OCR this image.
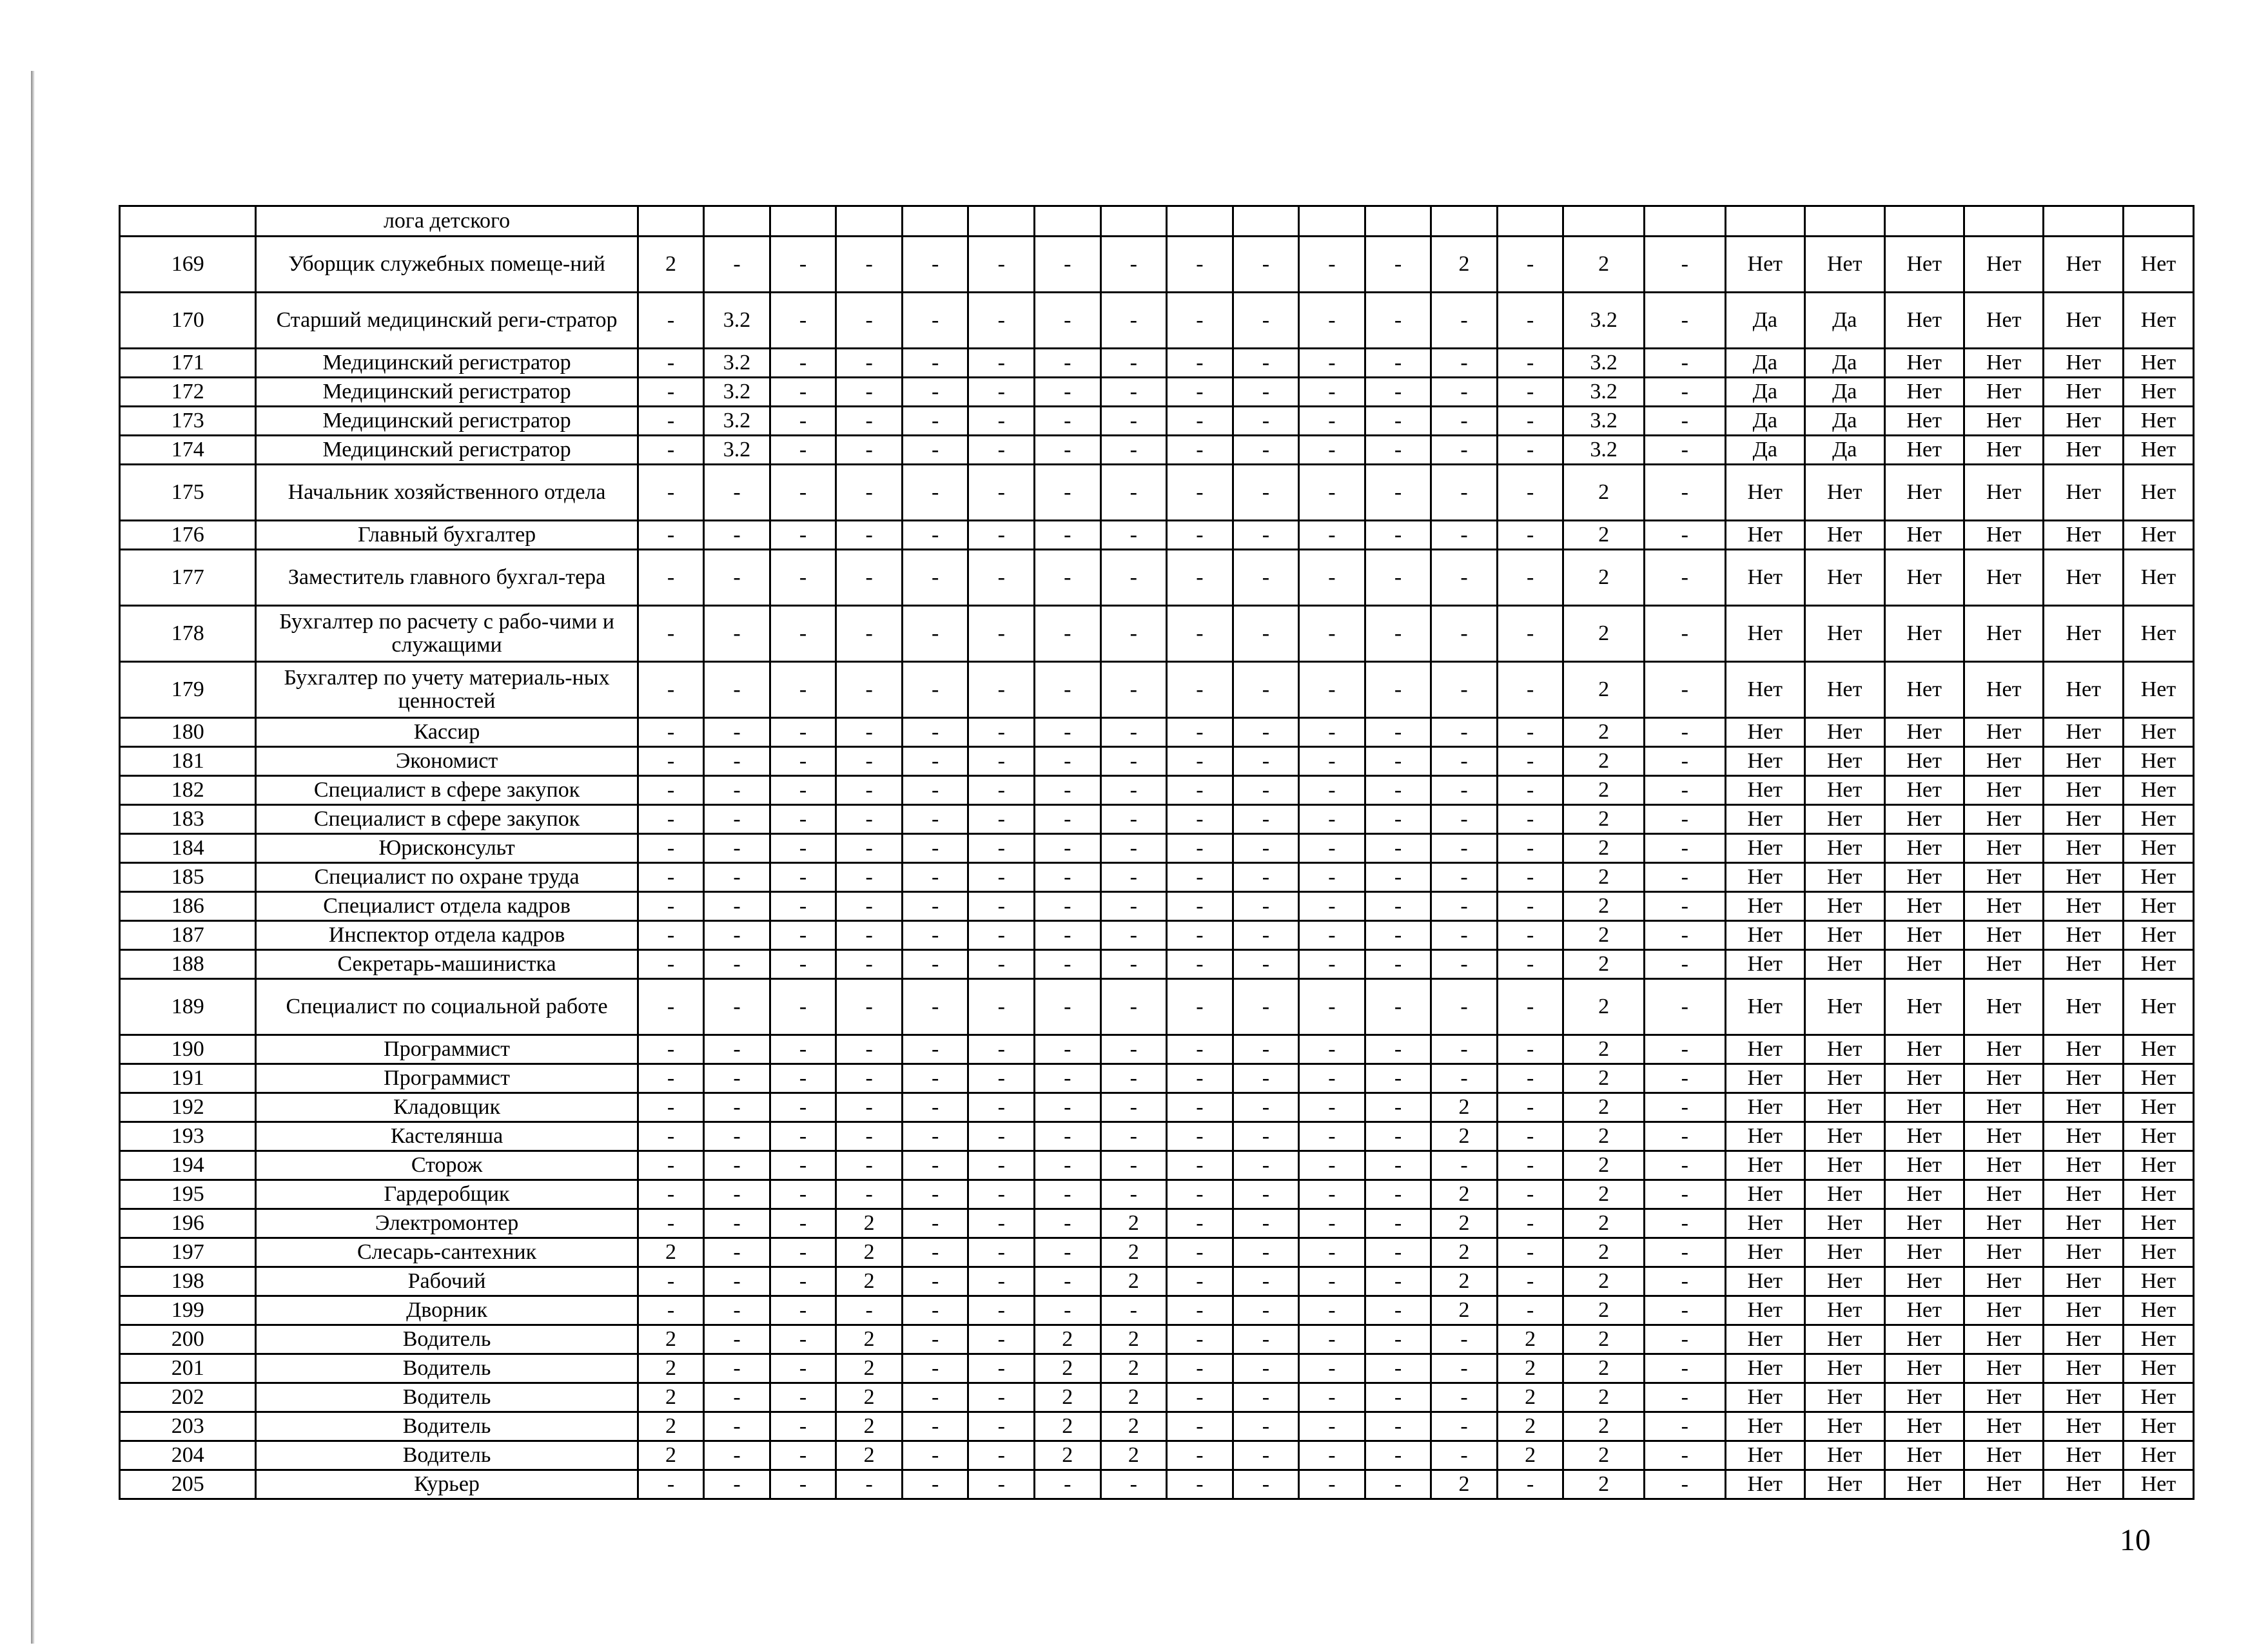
	лога детского																						
169	Уборщик служебных помеще-ний	2	-	-	-	-	-	-	-	-	-	-	-	2	-	2	-	Нет	Нет	Нет	Нет	Нет	Нет
170	Старший медицинский реги-стратор	-	3.2	-	-	-	-	-	-	-	-	-	-	-	-	3.2	-	Да	Да	Нет	Нет	Нет	Нет
171	Медицинский регистратор	-	3.2	-	-	-	-	-	-	-	-	-	-	-	-	3.2	-	Да	Да	Нет	Нет	Нет	Нет
172	Медицинский регистратор	-	3.2	-	-	-	-	-	-	-	-	-	-	-	-	3.2	-	Да	Да	Нет	Нет	Нет	Нет
173	Медицинский регистратор	-	3.2	-	-	-	-	-	-	-	-	-	-	-	-	3.2	-	Да	Да	Нет	Нет	Нет	Нет
174	Медицинский регистратор	-	3.2	-	-	-	-	-	-	-	-	-	-	-	-	3.2	-	Да	Да	Нет	Нет	Нет	Нет
175	Начальник хозяйственного отдела	-	-	-	-	-	-	-	-	-	-	-	-	-	-	2	-	Нет	Нет	Нет	Нет	Нет	Нет
176	Главный бухгалтер	-	-	-	-	-	-	-	-	-	-	-	-	-	-	2	-	Нет	Нет	Нет	Нет	Нет	Нет
177	Заместитель главного бухгал-тера	-	-	-	-	-	-	-	-	-	-	-	-	-	-	2	-	Нет	Нет	Нет	Нет	Нет	Нет
178	Бухгалтер по расчету с рабо-чими и служащими	-	-	-	-	-	-	-	-	-	-	-	-	-	-	2	-	Нет	Нет	Нет	Нет	Нет	Нет
179	Бухгалтер по учету материаль-ных ценностей	-	-	-	-	-	-	-	-	-	-	-	-	-	-	2	-	Нет	Нет	Нет	Нет	Нет	Нет
180	Кассир	-	-	-	-	-	-	-	-	-	-	-	-	-	-	2	-	Нет	Нет	Нет	Нет	Нет	Нет
181	Экономист	-	-	-	-	-	-	-	-	-	-	-	-	-	-	2	-	Нет	Нет	Нет	Нет	Нет	Нет
182	Специалист в сфере закупок	-	-	-	-	-	-	-	-	-	-	-	-	-	-	2	-	Нет	Нет	Нет	Нет	Нет	Нет
183	Специалист в сфере закупок	-	-	-	-	-	-	-	-	-	-	-	-	-	-	2	-	Нет	Нет	Нет	Нет	Нет	Нет
184	Юрисконсульт	-	-	-	-	-	-	-	-	-	-	-	-	-	-	2	-	Нет	Нет	Нет	Нет	Нет	Нет
185	Специалист по охране труда	-	-	-	-	-	-	-	-	-	-	-	-	-	-	2	-	Нет	Нет	Нет	Нет	Нет	Нет
186	Специалист отдела кадров	-	-	-	-	-	-	-	-	-	-	-	-	-	-	2	-	Нет	Нет	Нет	Нет	Нет	Нет
187	Инспектор отдела кадров	-	-	-	-	-	-	-	-	-	-	-	-	-	-	2	-	Нет	Нет	Нет	Нет	Нет	Нет
188	Секретарь-машинистка	-	-	-	-	-	-	-	-	-	-	-	-	-	-	2	-	Нет	Нет	Нет	Нет	Нет	Нет
189	Специалист по социальной работе	-	-	-	-	-	-	-	-	-	-	-	-	-	-	2	-	Нет	Нет	Нет	Нет	Нет	Нет
190	Программист	-	-	-	-	-	-	-	-	-	-	-	-	-	-	2	-	Нет	Нет	Нет	Нет	Нет	Нет
191	Программист	-	-	-	-	-	-	-	-	-	-	-	-	-	-	2	-	Нет	Нет	Нет	Нет	Нет	Нет
192	Кладовщик	-	-	-	-	-	-	-	-	-	-	-	-	2	-	2	-	Нет	Нет	Нет	Нет	Нет	Нет
193	Кастелянша	-	-	-	-	-	-	-	-	-	-	-	-	2	-	2	-	Нет	Нет	Нет	Нет	Нет	Нет
194	Сторож	-	-	-	-	-	-	-	-	-	-	-	-	-	-	2	-	Нет	Нет	Нет	Нет	Нет	Нет
195	Гардеробщик	-	-	-	-	-	-	-	-	-	-	-	-	2	-	2	-	Нет	Нет	Нет	Нет	Нет	Нет
196	Электромонтер	-	-	-	2	-	-	-	2	-	-	-	-	2	-	2	-	Нет	Нет	Нет	Нет	Нет	Нет
197	Слесарь-сантехник	2	-	-	2	-	-	-	2	-	-	-	-	2	-	2	-	Нет	Нет	Нет	Нет	Нет	Нет
198	Рабочий	-	-	-	2	-	-	-	2	-	-	-	-	2	-	2	-	Нет	Нет	Нет	Нет	Нет	Нет
199	Дворник	-	-	-	-	-	-	-	-	-	-	-	-	2	-	2	-	Нет	Нет	Нет	Нет	Нет	Нет
200	Водитель	2	-	-	2	-	-	2	2	-	-	-	-	-	2	2	-	Нет	Нет	Нет	Нет	Нет	Нет
201	Водитель	2	-	-	2	-	-	2	2	-	-	-	-	-	2	2	-	Нет	Нет	Нет	Нет	Нет	Нет
202	Водитель	2	-	-	2	-	-	2	2	-	-	-	-	-	2	2	-	Нет	Нет	Нет	Нет	Нет	Нет
203	Водитель	2	-	-	2	-	-	2	2	-	-	-	-	-	2	2	-	Нет	Нет	Нет	Нет	Нет	Нет
204	Водитель	2	-	-	2	-	-	2	2	-	-	-	-	-	2	2	-	Нет	Нет	Нет	Нет	Нет	Нет
205	Курьер	-	-	-	-	-	-	-	-	-	-	-	-	2	-	2	-	Нет	Нет	Нет	Нет	Нет	Нет
10
